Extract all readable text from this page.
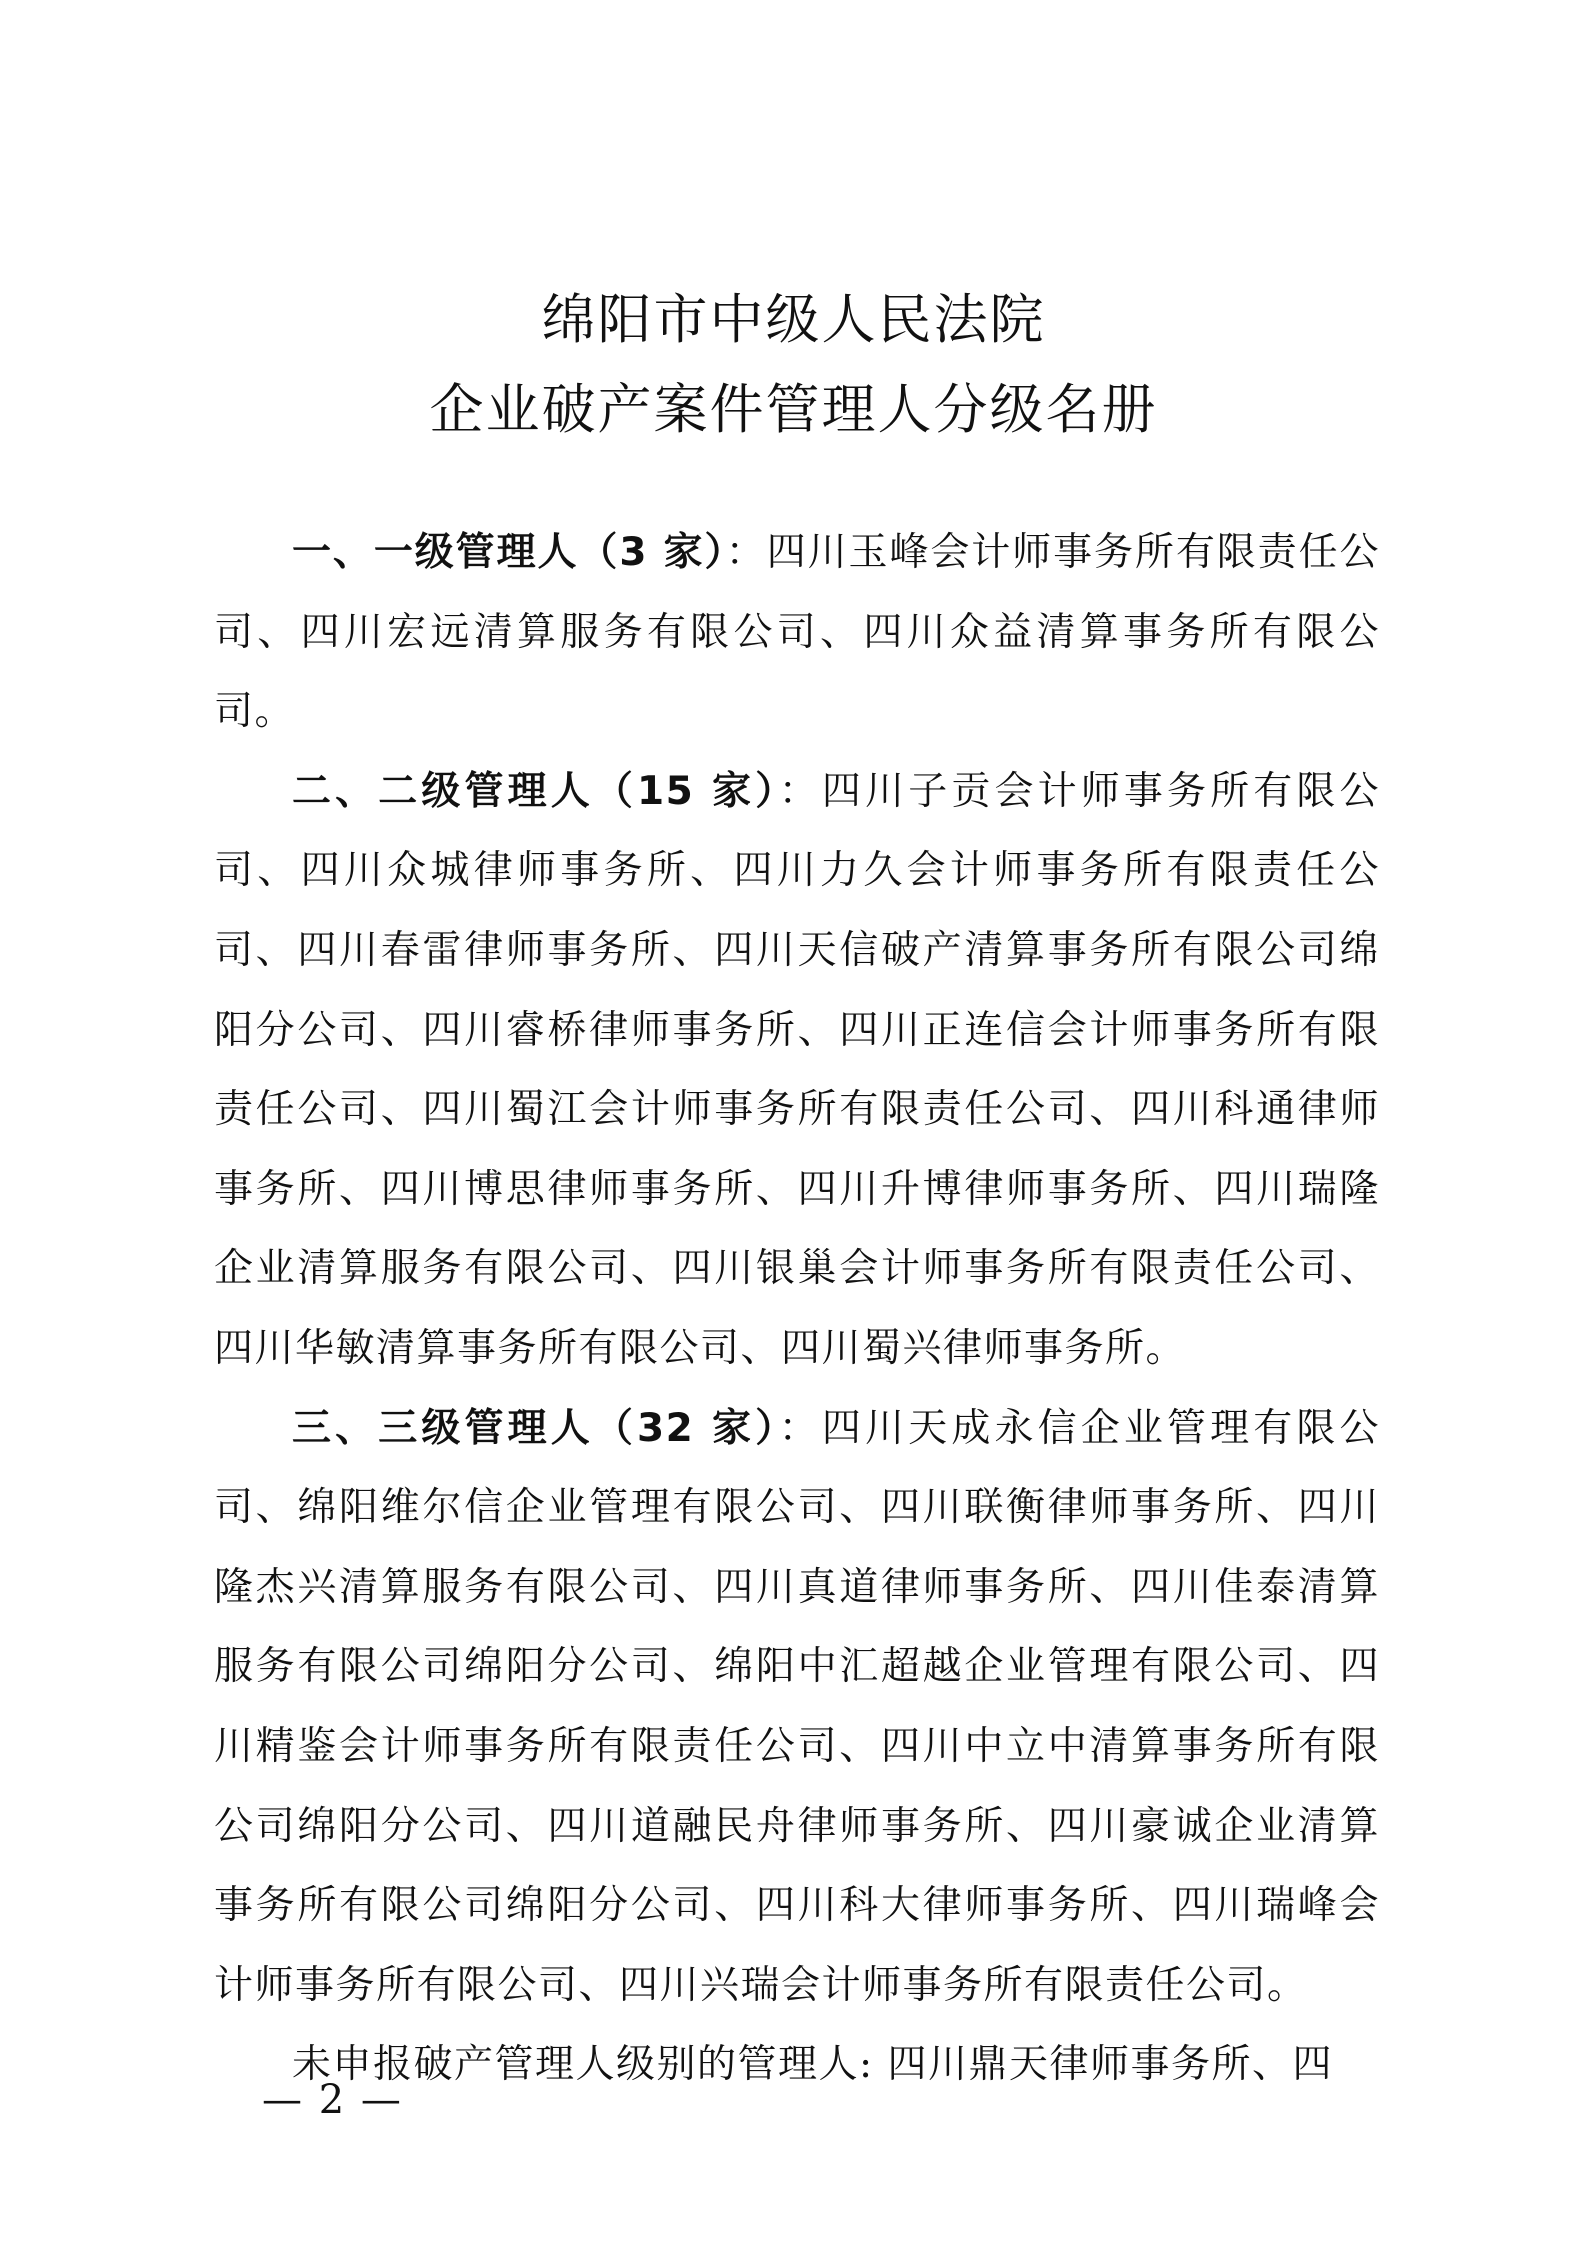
绵阳市中级人民法院
企业破产案件管理人分级名册

一、一级管理人（3 家）：四川玉峰会计师事务所有限责任公司、四川宏远清算服务有限公司、四川众益清算事务所有限公司。

二、二级管理人（15 家）：四川子贡会计师事务所有限公司、四川众城律师事务所、四川力久会计师事务所有限责任公司、四川春雷律师事务所、四川天信破产清算事务所有限公司绵阳分公司、四川睿桥律师事务所、四川正连信会计师事务所有限责任公司、四川蜀江会计师事务所有限责任公司、四川科通律师事务所、四川博思律师事务所、四川升博律师事务所、四川瑞隆企业清算服务有限公司、四川银巢会计师事务所有限责任公司、四川华敏清算事务所有限公司、四川蜀兴律师事务所。

三、三级管理人（32 家）：四川天成永信企业管理有限公司、绵阳维尔信企业管理有限公司、四川联衡律师事务所、四川隆杰兴清算服务有限公司、四川真道律师事务所、四川佳泰清算服务有限公司绵阳分公司、绵阳中汇超越企业管理有限公司、四川精鉴会计师事务所有限责任公司、四川中立中清算事务所有限公司绵阳分公司、四川道融民舟律师事务所、四川豪诚企业清算事务所有限公司绵阳分公司、四川科大律师事务所、四川瑞峰会计师事务所有限公司、四川兴瑞会计师事务所有限责任公司。

未申报破产管理人级别的管理人: 四川鼎天律师事务所、四

— 2 —
